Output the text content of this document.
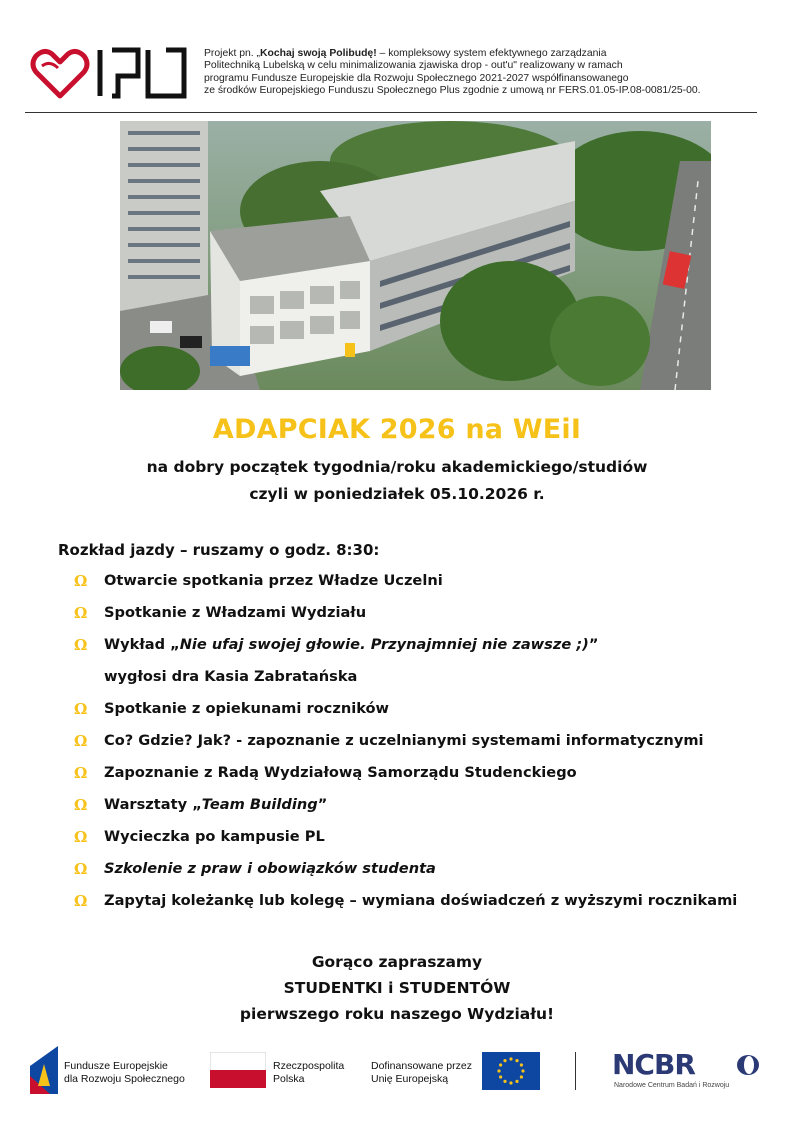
Projekt pn. „Kochaj swoją Polibudę! – kompleksowy system efektywnego zarządzania
Politechniką Lubelską w celu minimalizowania zjawiska drop - out'u" realizowany w ramach
programu Fundusze Europejskie dla Rozwoju Społecznego 2021-2027 współfinansowanego
ze środków Europejskiego Funduszu Społecznego Plus zgodnie z umową nr FERS.01.05-IP.08-0081/25-00.
ADAPCIAK 2026 na WEiI
na dobry początek tygodnia/roku akademickiego/studiów
czyli w poniedziałek 05.10.2026 r.
Rozkład jazdy – ruszamy o godz. 8:30:
Ω Otwarcie spotkania przez Władze Uczelni
Ω Spotkanie z Władzami Wydziału
Ω Wykład „Nie ufaj swojej głowie. Przynajmniej nie zawsze ;)”
wygłosi dra Kasia Zabratańska
Ω Spotkanie z opiekunami roczników
Ω Co? Gdzie? Jak? - zapoznanie z uczelnianymi systemami informatycznymi
Ω Zapoznanie z Radą Wydziałową Samorządu Studenckiego
Ω Warsztaty „Team Building”
Ω Wycieczka po kampusie PL
Ω Szkolenie z praw i obowiązków studenta
Ω Zapytaj koleżankę lub kolegę – wymiana doświadczeń z wyższymi rocznikami
Gorąco zapraszamy
STUDENTKI i STUDENTÓW
pierwszego roku naszego Wydziału!
Fundusze Europejskie
dla Rozwoju Społecznego
Rzeczpospolita
Polska
Dofinansowane przez
Unię Europejską	NCBR
Narodowe Centrum Badań i Rozwoju
